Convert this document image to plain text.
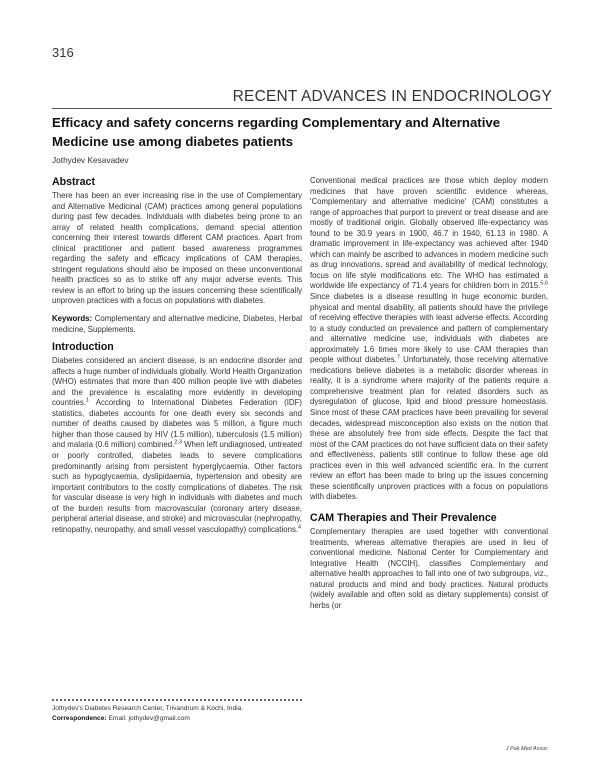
316
RECENT ADVANCES IN ENDOCRINOLOGY
Efficacy and safety concerns regarding Complementary and Alternative Medicine use among diabetes patients
Jothydev Kesavadev
Abstract

There has been an ever increasing rise in the use of Complementary and Alternative Medicinal (CAM) practices among general populations during past few decades. Individuals with diabetes being prone to an array of related health complications, demand special attention concerning their interest towards different CAM practices. Apart from clinical practitioner and patient based awareness programmes regarding the safety and efficacy implications of CAM therapies, stringent regulations should also be imposed on these unconventional health practices so as to strike off any major adverse events. This review is an effort to bring up the issues concerning these scientifically unproven practices with a focus on populations with diabetes.

Keywords: Complementary and alternative medicine, Diabetes, Herbal medicine, Supplements.

Introduction

Diabetes considered an ancient disease, is an endocrine disorder and affects a huge number of individuals globally. World Health Organization (WHO) estimates that more than 400 million people live with diabetes and the prevalence is escalating more evidently in developing countries.$^1$ According to International Diabetes Federation (IDF) statistics, diabetes accounts for one death every six seconds and number of deaths caused by diabetes was 5 million, a figure much higher than those caused by HIV (1.5 million), tuberculosis (1.5 million) and malaria (0.6 million) combined.$^{2,3}$ When left undiagnosed, untreated or poorly controlled, diabetes leads to severe complications predominantly arising from persistent hyperglycaemia. Other factors such as hypoglycaemia, dyslipidaemia, hypertension and obesity are important contributors to the costly complications of diabetes. The risk for vascular disease is very high in individuals with diabetes and much of the burden results from macrovascular (coronary artery disease, peripheral arterial disease, and stroke) and microvascular (nephropathy, retinopathy, neuropathy, and small vessel vasculopathy) complications.$^4$

Conventional medical practices are those which deploy modern medicines that have proven scientific evidence whereas, 'Complementary and alternative medicine' (CAM) constitutes a range of approaches that purport to prevent or treat disease and are mostly of traditional origin. Globally observed life-expectancy was found to be 30.9 years in 1900, 46.7 in 1940, 61.13 in 1980. A dramatic improvement in life-expectancy was achieved after 1940 which can mainly be ascribed to advances in modern medicine such as drug innovations, spread and availability of medical technology, focus on life style modifications etc. The WHO has estimated a worldwide life expectancy of 71.4 years for children born in 2015.$^{5,6}$ Since diabetes is a disease resulting in huge economic burden, physical and mental disability, all patients should have the privilege of receiving effective therapies with least adverse effects. According to a study conducted on prevalence and pattern of complementary and alternative medicine use, individuals with diabetes are approximately 1.6 times more likely to use CAM therapies than people without diabetes.$^7$ Unfortunately, those receiving alternative medications believe diabetes is a metabolic disorder whereas in reality, it is a syndrome where majority of the patients require a comprehensive treatment plan for related disorders such as dysregulation of glucose, lipid and blood pressure homeostasis. Since most of these CAM practices have been prevailing for several decades, widespread misconception also exists on the notion that these are absolutely free from side effects. Despite the fact that most of the CAM practices do not have sufficient data on their safety and effectiveness, patients still continue to follow these age old practices even in this well advanced scientific era. In the current review an effort has been made to bring up the issues concerning these scientifically unproven practices with a focus on populations with diabetes.

CAM Therapies and Their Prevalence

Complementary therapies are used together with conventional treatments, whereas alternative therapies are used in lieu of conventional medicine. National Center for Complementary and Integrative Health (NCCIH), classifies Complementary and alternative health approaches to fall into one of two subgroups, viz., natural products and mind and body practices. Natural products (widely available and often sold as dietary supplements) consist of herbs (or

Jothydev's Diabetes Research Center, Trivandrum & Kochi, India.
Correspondence: Email: jothydev@gmail.com
J Pak Med Assoc
